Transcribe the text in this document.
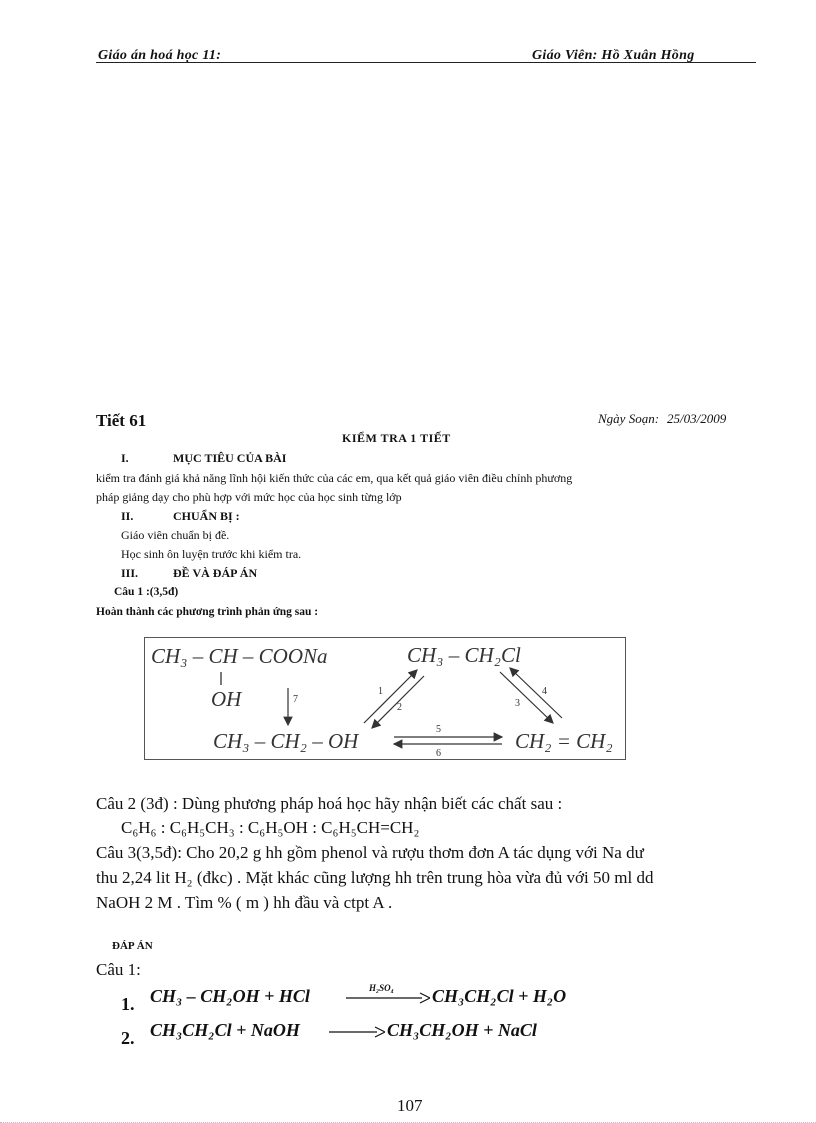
Giáo án hoá học 11:	Giáo Viên: Hồ Xuân Hồng
Tiết 61	Ngày Soạn: 25/03/2009
KIỂM TRA 1 TIẾT
I.	MỤC TIÊU CỦA BÀI
kiểm tra đánh giá khả năng lĩnh hội kiến thức của các em, qua kết quả giáo viên điều chỉnh phương
pháp giảng dạy cho phù hợp với mức học của học sinh từng lớp
II.	CHUẨN BỊ :
Giáo viên chuẩn bị đề.
Học sinh ôn luyện trước khi kiểm tra.
III.	ĐỀ VÀ ĐÁP ÁN
Câu 1 :(3,5đ)
Hoàn thành các phương trình phản ứng sau :
CH₃ – CH – COONa
OH
CH₃ – CH₂Cl
CH₃ – CH₂ – OH	CH₂ = CH₂
7
1
2	3
4
5
6
Câu 2 (3đ) : Dùng phương pháp hoá học hãy nhận biết các chất sau :
C₆H₆ : C₆H₅CH₃ : C₆H₅OH : C₆H₅CH=CH₂
Câu 3(3,5đ): Cho 20,2 g hh gồm phenol và rượu thơm đơn A tác dụng với Na dư
thu 2,24 lit H₂ (đkc) . Mặt khác cũng lượng hh trên trung hòa vừa đủ với 50 ml dd
NaOH 2 M . Tìm % ( m ) hh đầu và ctpt A .
ĐÁP ÁN
Câu 1:
1. CH₃ – CH₂OH + HCl	H₂SO₄ CH₃CH₂Cl + H₂O
2. CH₃CH₂Cl + NaOH	CH₃CH₂OH + NaCl
107
